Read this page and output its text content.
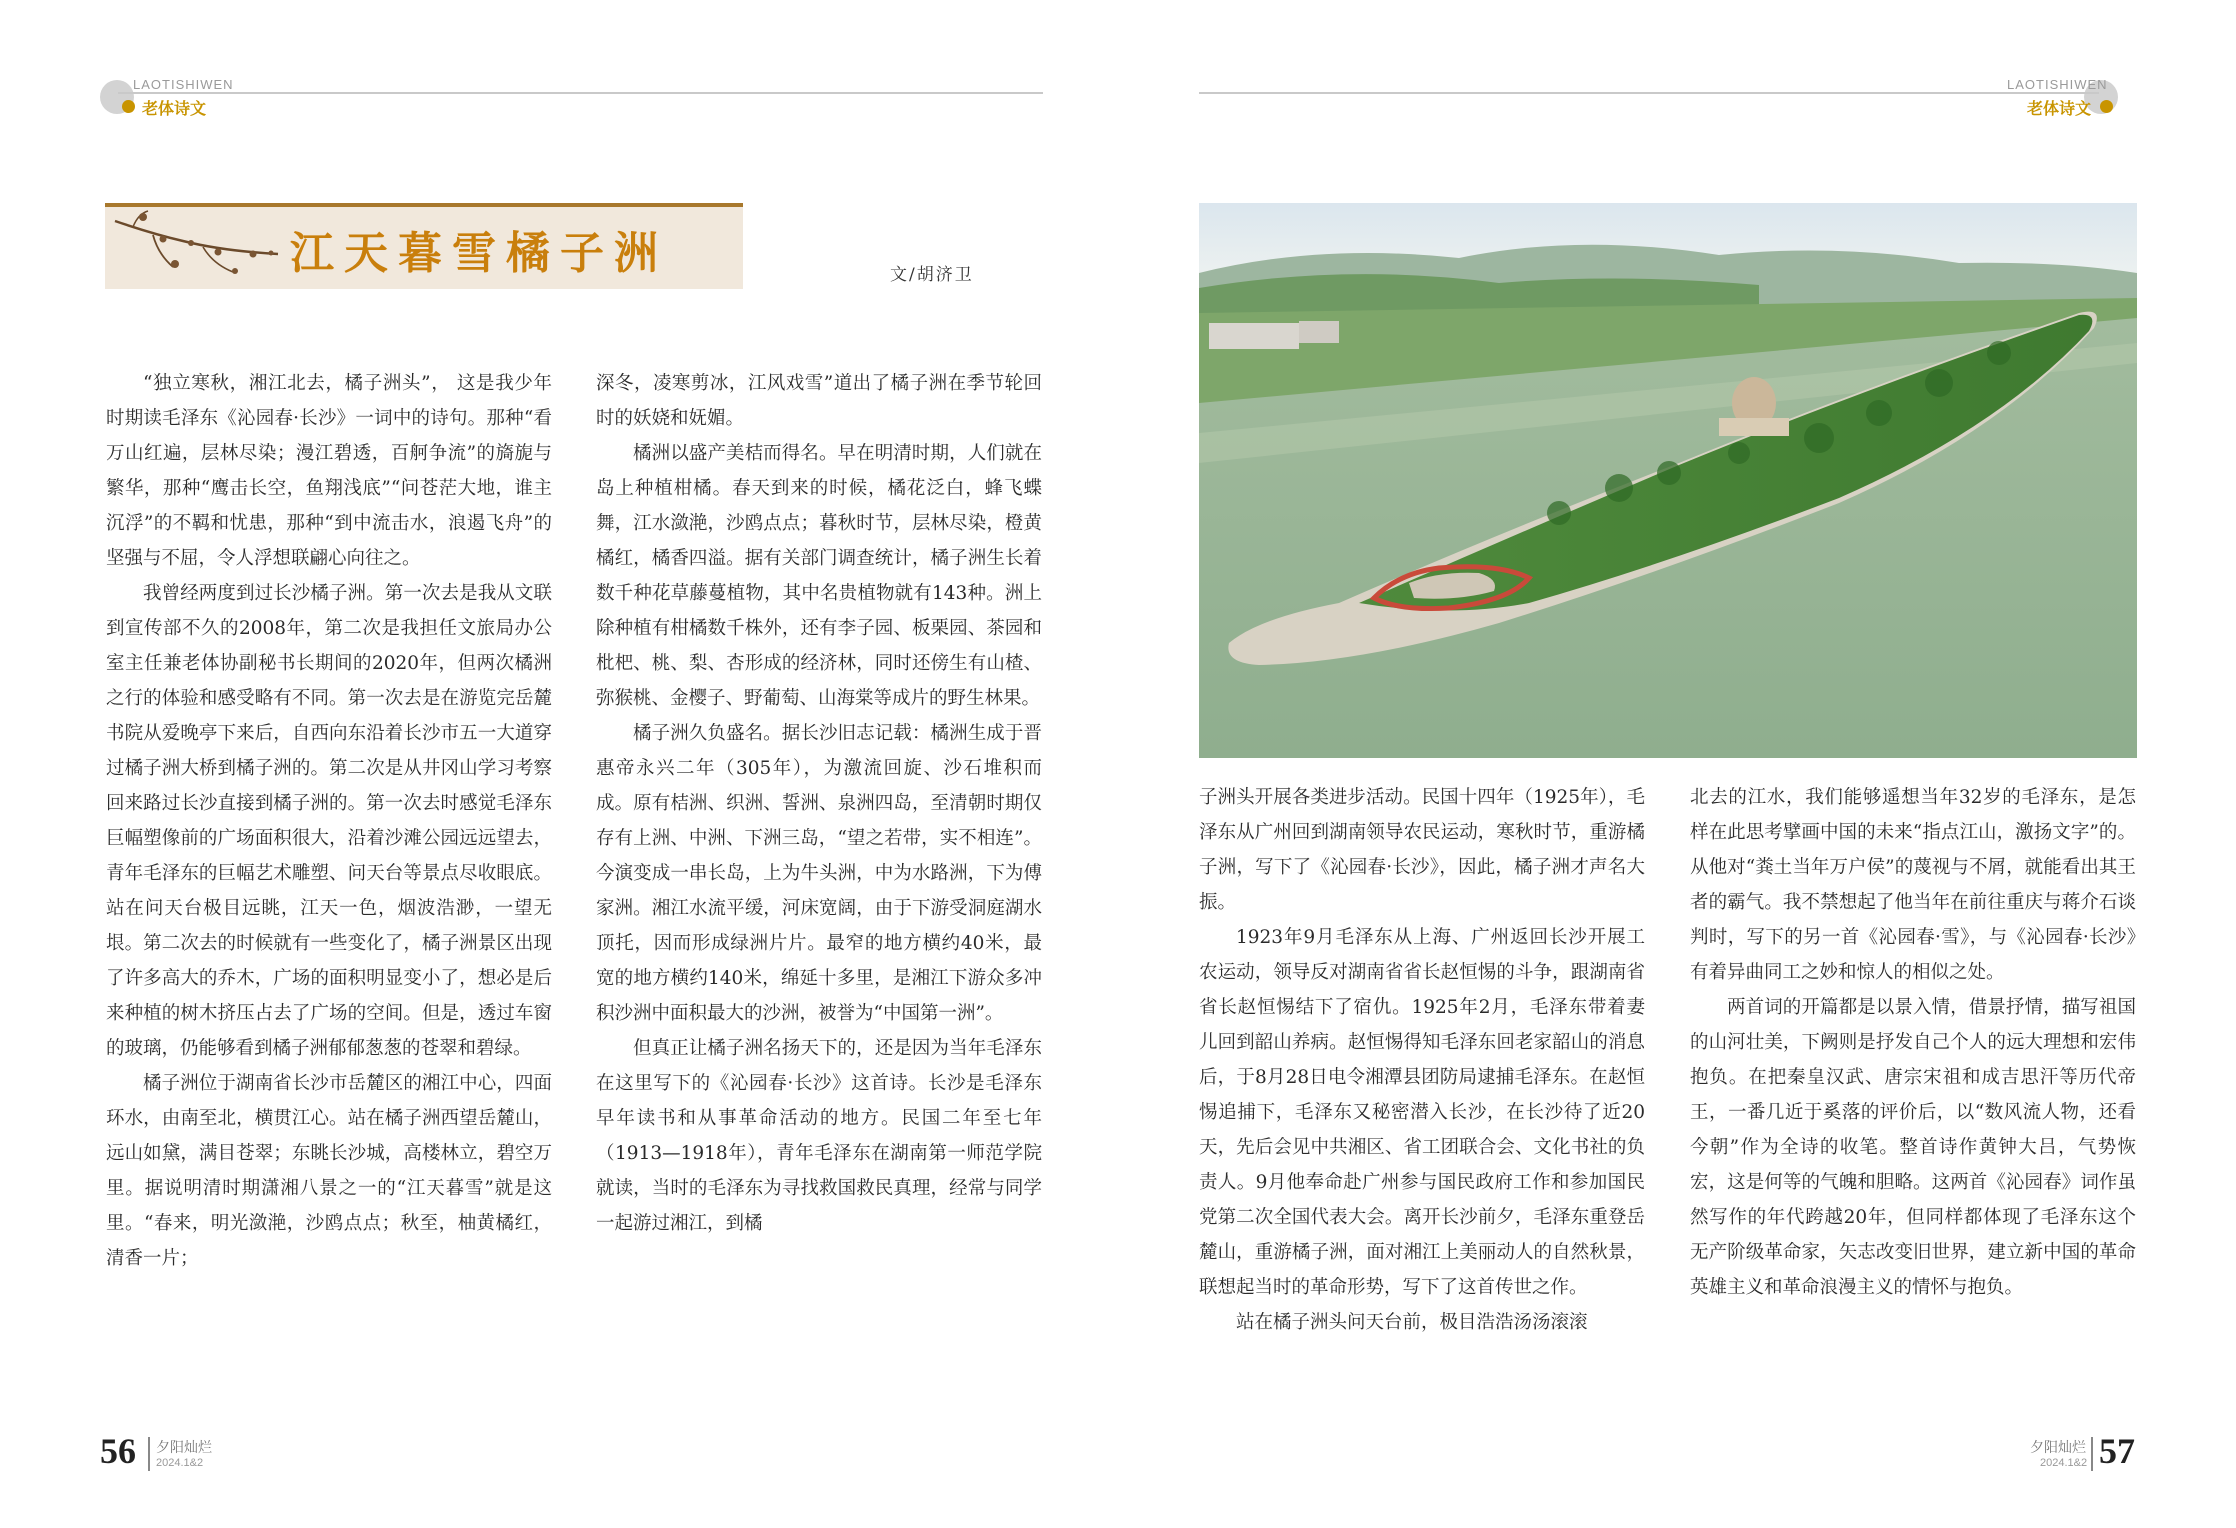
LAOTISHIWEN
老体诗文
江天暮雪橘子洲	文/胡济卫

“独立寒秋，湘江北去，橘子洲头”， 这是我少年时期读毛泽东《沁园春·长沙》一词中的诗句。那种“看万山红遍，层林尽染；漫江碧透，百舸争流”的旖旎与繁华，那种“鹰击长空，鱼翔浅底”“问苍茫大地，谁主沉浮”的不羁和忧患，那种“到中流击水，浪遏飞舟”的坚强与不屈，令人浮想联翩心向往之。

我曾经两度到过长沙橘子洲。第一次去是我从文联到宣传部不久的2008年，第二次是我担任文旅局办公室主任兼老体协副秘书长期间的2020年，但两次橘洲之行的体验和感受略有不同。第一次去是在游览完岳麓书院从爱晚亭下来后，自西向东沿着长沙市五一大道穿过橘子洲大桥到橘子洲的。第二次是从井冈山学习考察回来路过长沙直接到橘子洲的。第一次去时感觉毛泽东巨幅塑像前的广场面积很大，沿着沙滩公园远远望去，青年毛泽东的巨幅艺术雕塑、问天台等景点尽收眼底。站在问天台极目远眺，江天一色，烟波浩渺，一望无垠。第二次去的时候就有一些变化了，橘子洲景区出现了许多高大的乔木，广场的面积明显变小了，想必是后来种植的树木挤压占去了广场的空间。但是，透过车窗的玻璃，仍能够看到橘子洲郁郁葱葱的苍翠和碧绿。

橘子洲位于湖南省长沙市岳麓区的湘江中心，四面环水，由南至北，横贯江心。站在橘子洲西望岳麓山，远山如黛，满目苍翠；东眺长沙城，高楼林立，碧空万里。据说明清时期潇湘八景之一的“江天暮雪”就是这里。“春来，明光潋滟，沙鸥点点；秋至，柚黄橘红，清香一片；

深冬，凌寒剪冰，江风戏雪”道出了橘子洲在季节轮回时的妖娆和妩媚。

橘洲以盛产美桔而得名。早在明清时期，人们就在岛上种植柑橘。春天到来的时候，橘花泛白，蜂飞蝶舞，江水潋滟，沙鸥点点；暮秋时节，层林尽染，橙黄橘红，橘香四溢。据有关部门调查统计，橘子洲生长着数千种花草藤蔓植物，其中名贵植物就有143种。洲上除种植有柑橘数千株外，还有李子园、板栗园、茶园和枇杷、桃、梨、杏形成的经济林，同时还傍生有山楂、弥猴桃、金樱子、野葡萄、山海棠等成片的野生林果。

橘子洲久负盛名。据长沙旧志记载：橘洲生成于晋惠帝永兴二年（305年），为激流回旋、沙石堆积而成。原有桔洲、织洲、誓洲、泉洲四岛，至清朝时期仅存有上洲、中洲、下洲三岛，“望之若带，实不相连”。今演变成一串长岛，上为牛头洲，中为水路洲，下为傅家洲。湘江水流平缓，河床宽阔，由于下游受洞庭湖水顶托，因而形成绿洲片片。最窄的地方横约40米，最宽的地方横约140米，绵延十多里，是湘江下游众多冲积沙洲中面积最大的沙洲，被誉为“中国第一洲”。

但真正让橘子洲名扬天下的，还是因为当年毛泽东在这里写下的《沁园春·长沙》这首诗。长沙是毛泽东早年读书和从事革命活动的地方。民国二年至七年（1913—1918年），青年毛泽东在湖南第一师范学院就读，当时的毛泽东为寻找救国救民真理，经常与同学一起游过湘江，到橘

56 夕阳灿烂
2024.1&2
LAOTISHIWEN
老体诗文

子洲头开展各类进步活动。民国十四年（1925年），毛泽东从广州回到湖南领导农民运动，寒秋时节，重游橘子洲，写下了《沁园春·长沙》，因此，橘子洲才声名大振。

1923年9月毛泽东从上海、广州返回长沙开展工农运动，领导反对湖南省省长赵恒惕的斗争，跟湖南省省长赵恒惕结下了宿仇。1925年2月，毛泽东带着妻儿回到韶山养病。赵恒惕得知毛泽东回老家韶山的消息后，于8月28日电令湘潭县团防局逮捕毛泽东。在赵恒惕追捕下，毛泽东又秘密潜入长沙，在长沙待了近20天，先后会见中共湘区、省工团联合会、文化书社的负责人。9月他奉命赴广州参与国民政府工作和参加国民党第二次全国代表大会。离开长沙前夕，毛泽东重登岳麓山，重游橘子洲，面对湘江上美丽动人的自然秋景，联想起当时的革命形势，写下了这首传世之作。

站在橘子洲头问天台前，极目浩浩汤汤滚滚

北去的江水，我们能够遥想当年32岁的毛泽东，是怎样在此思考擘画中国的未来“指点江山，激扬文字”的。从他对“粪土当年万户侯”的蔑视与不屑，就能看出其王者的霸气。我不禁想起了他当年在前往重庆与蒋介石谈判时，写下的另一首《沁园春·雪》，与《沁园春·长沙》有着异曲同工之妙和惊人的相似之处。

两首词的开篇都是以景入情，借景抒情，描写祖国的山河壮美，下阙则是抒发自己个人的远大理想和宏伟抱负。在把秦皇汉武、唐宗宋祖和成吉思汗等历代帝王，一番几近于奚落的评价后，以“数风流人物，还看今朝”作为全诗的收笔。整首诗作黄钟大吕，气势恢宏，这是何等的气魄和胆略。这两首《沁园春》词作虽然写作的年代跨越20年，但同样都体现了毛泽东这个无产阶级革命家，矢志改变旧世界，建立新中国的革命英雄主义和革命浪漫主义的情怀与抱负。

夕阳灿烂
2024.1&2 57
